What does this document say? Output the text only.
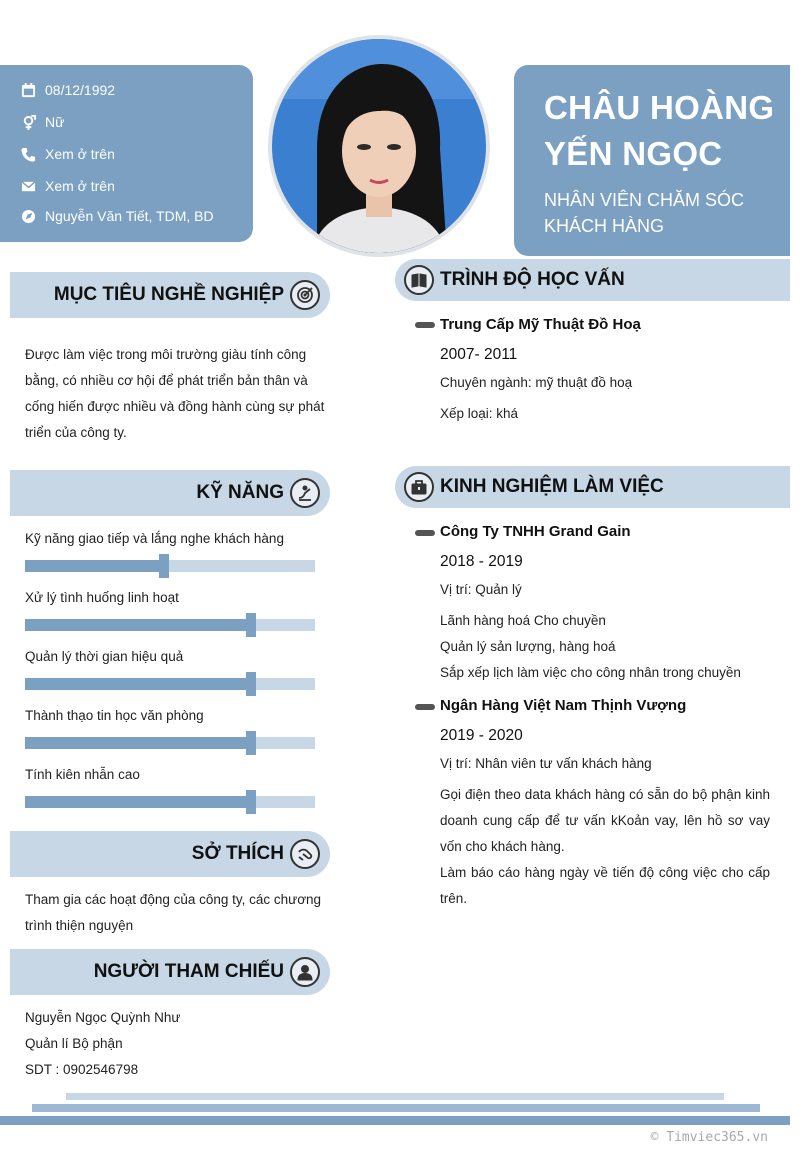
08/12/1992
Nữ
Xem ở trên
Xem ở trên
Nguyễn Văn Tiết, TDM, BD
CHÂU HOÀNG
YẾN NGỌC
NHÂN VIÊN CHĂM SÓC
KHÁCH HÀNG
MỤC TIÊU NGHỀ NGHIỆP
Được làm việc trong môi trường giàu tính công bằng, có nhiều cơ hội để phát triển bản thân và cống hiến được nhiều và đồng hành cùng sự phát triển của công ty.
KỸ NĂNG
Kỹ năng giao tiếp và lắng nghe khách hàng
Xử lý tình huống linh hoạt
Quản lý thời gian hiệu quả
Thành thạo tin học văn phòng
Tính kiên nhẫn cao
SỞ THÍCH
Tham gia các hoạt động của công ty, các chương trình thiện nguyện
NGƯỜI THAM CHIẾU
Nguyễn Ngọc Quỳnh Như
Quản lí Bộ phận
SDT : 0902546798
TRÌNH ĐỘ HỌC VẤN
Trung Cấp Mỹ Thuật Đồ Hoạ
2007- 2011
Chuyên ngành: mỹ thuật đồ hoạ
Xếp loại: khá
KINH NGHIỆM LÀM VIỆC
Công Ty TNHH Grand Gain
2018 - 2019
Vị trí: Quản lý
Lãnh hàng hoá Cho chuyền
Quản lý sản lượng, hàng hoá
Sắp xếp lịch làm việc cho công nhân trong chuyền
Ngân Hàng Việt Nam Thịnh Vượng
2019 - 2020
Vị trí: Nhân viên tư vấn khách hàng
Gọi điện theo data khách hàng có sẵn do bộ phận kinh doanh cung cấp để tư vấn kKoản vay, lên hồ sơ vay vốn cho khách hàng.
Làm báo cáo hàng ngày về tiến độ công việc cho cấp trên.
© Timviec365.vn
